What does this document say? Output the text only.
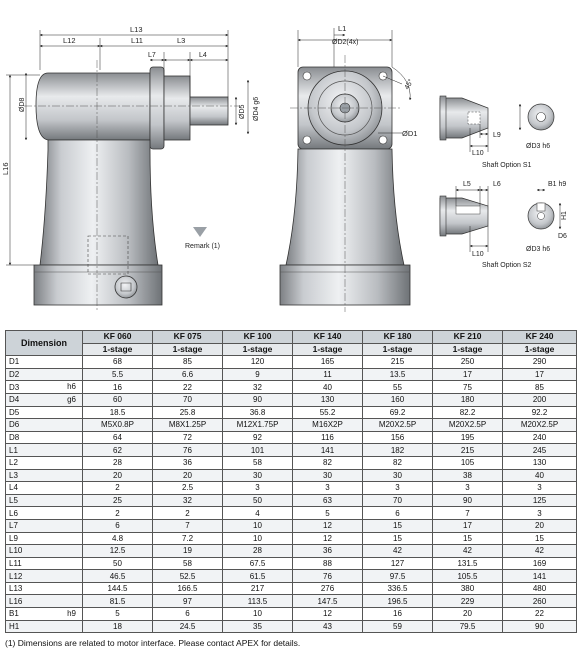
Remark (1)
L13
L12	L11
L7
L3
L4
ØD8
L16
ØD5 ØD4 g6
L1
ØD2(4x)
45°
ØD1
L10
L9
ØD3 h6
Shaft Option S1
L5	L6
L10
B1 h9
H1
D6
ØD3 h6
Shaft Option S2
Dimension	KF 060	KF 075	KF 100	KF 140	KF 180	KF 210	KF 240
	1-stage	1-stage	1-stage	1-stage	1-stage	1-stage	1-stage
D1	68	85	120	165	215	250	290
D2	5.5	6.6	9	11	13.5	17	17
D3 h6	16	22	32	40	55	75	85
D4 g6	60	70	90	130	160	180	200
D5	18.5	25.8	36.8	55.2	69.2	82.2	92.2
D6	M5X0.8P	M8X1.25P	M12X1.75P	M16X2P	M20X2.5P	M20X2.5P	M20X2.5P
D8	64	72	92	116	156	195	240
L1	62	76	101	141	182	215	245
L2	28	36	58	82	82	105	130
L3	20	20	30	30	30	38	40
L4	2	2.5	3	3	3	3	3
L5	25	32	50	63	70	90	125
L6	2	2	4	5	6	7	3
L7	6	7	10	12	15	17	20
L9	4.8	7.2	10	12	15	15	15
L10	12.5	19	28	36	42	42	42
L11	50	58	67.5	88	127	131.5	169
L12	46.5	52.5	61.5	76	97.5	105.5	141
L13	144.5	166.5	217	276	336.5	380	480
L16	81.5	97	113.5	147.5	196.5	229	260
B1 h9	5	6	10	12	16	20	22
H1	18	24.5	35	43	59	79.5	90
(1) Dimensions are related to motor interface. Please contact APEX for details.
